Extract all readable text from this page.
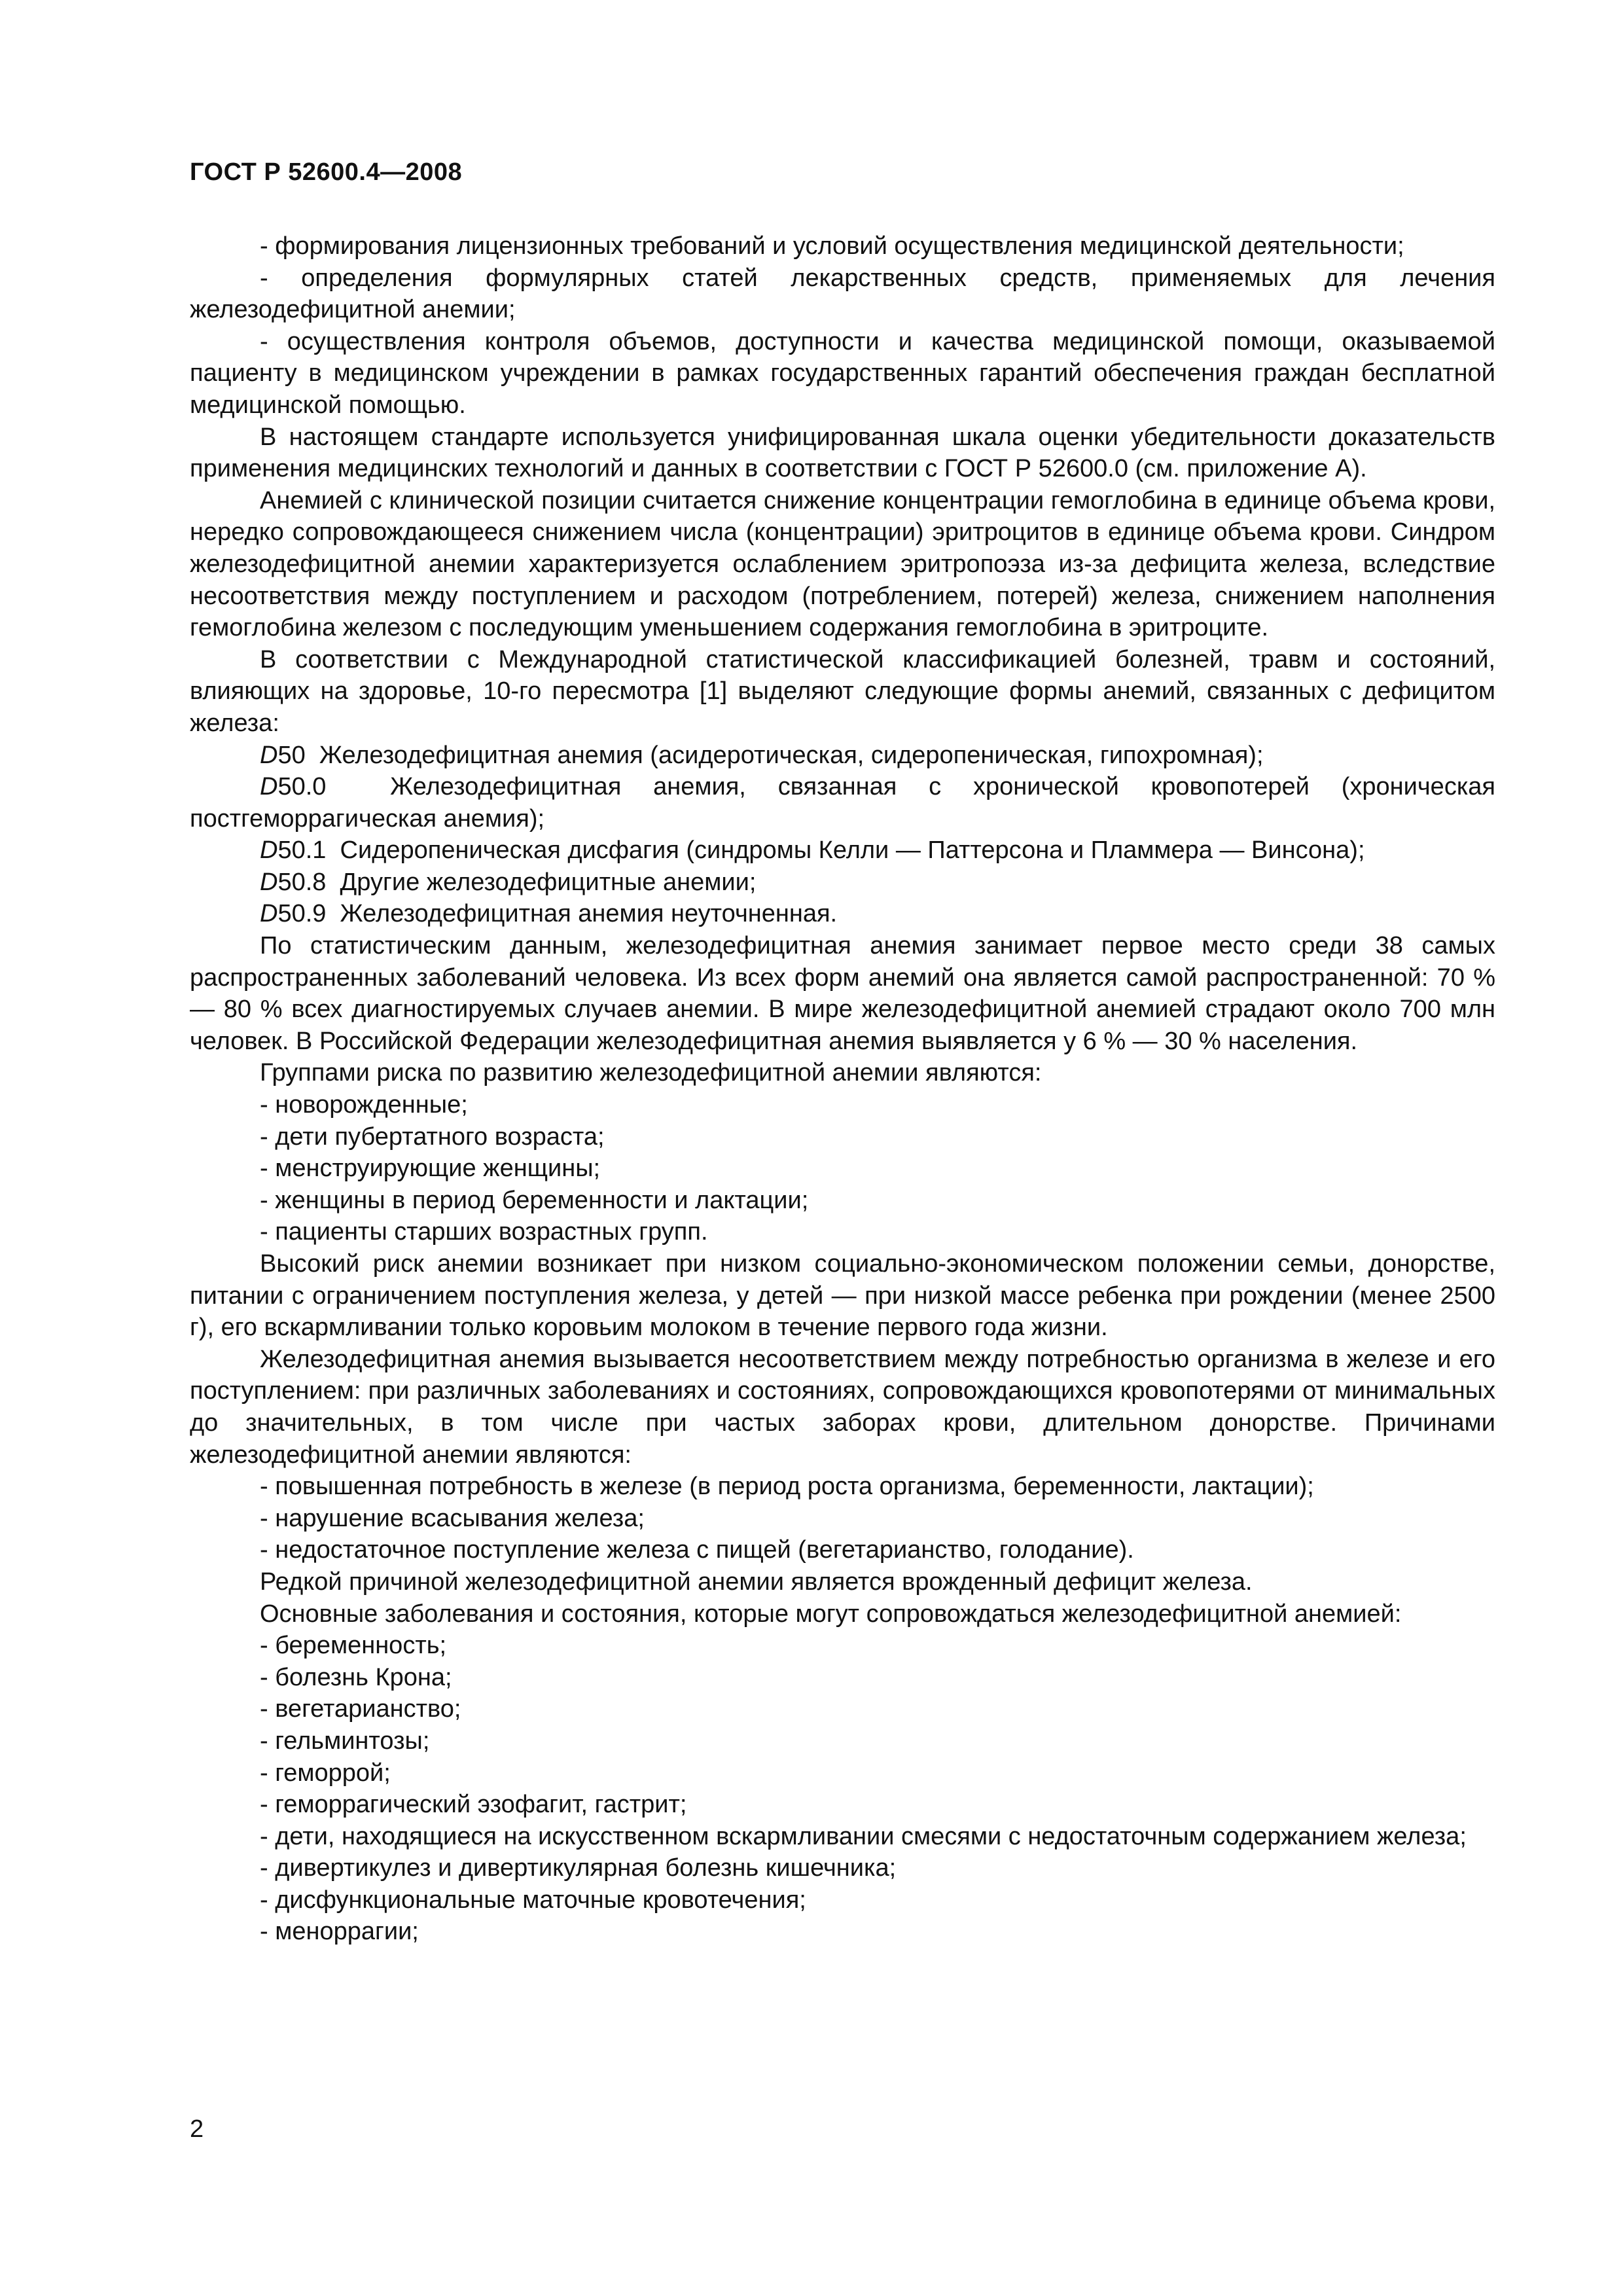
ГОСТ Р 52600.4—2008

- формирования лицензионных требований и условий осуществления медицинской деятельности;

- определения формулярных статей лекарственных средств, применяемых для лечения железодефицитной анемии;

- осуществления контроля объемов, доступности и качества медицинской помощи, оказываемой пациенту в медицинском учреждении в рамках государственных гарантий обеспечения граждан бесплатной медицинской помощью.

В настоящем стандарте используется унифицированная шкала оценки убедительности доказательств применения медицинских технологий и данных в соответствии с ГОСТ Р 52600.0 (см. приложение А).

Анемией с клинической позиции считается снижение концентрации гемоглобина в единице объема крови, нередко сопровождающееся снижением числа (концентрации) эритроцитов в единице объема крови. Синдром железодефицитной анемии характеризуется ослаблением эритропоэза из-за дефицита железа, вследствие несоответствия между поступлением и расходом (потреблением, потерей) железа, снижением наполнения гемоглобина железом с последующим уменьшением содержания гемоглобина в эритроците.

В соответствии с Международной статистической классификацией болезней, травм и состояний, влияющих на здоровье, 10-го пересмотра [1] выделяют следующие формы анемий, связанных с дефицитом железа:

D50  Железодефицитная анемия (асидеротическая, сидеропеническая, гипохромная);

D50.0  Железодефицитная анемия, связанная с хронической кровопотерей (хроническая постгеморрагическая анемия);

D50.1  Сидеропеническая дисфагия (синдромы Келли — Паттерсона и Пламмера — Винсона);

D50.8  Другие железодефицитные анемии;

D50.9  Железодефицитная анемия неуточненная.

По статистическим данным, железодефицитная анемия занимает первое место среди 38 самых распространенных заболеваний человека. Из всех форм анемий она является самой распространенной: 70 % — 80 % всех диагностируемых случаев анемии. В мире железодефицитной анемией страдают около 700 млн человек. В Российской Федерации железодефицитная анемия выявляется у 6 % — 30 % населения.

Группами риска по развитию железодефицитной анемии являются:

- новорожденные;

- дети пубертатного возраста;

- менструирующие женщины;

- женщины в период беременности и лактации;

- пациенты старших возрастных групп.

Высокий риск анемии возникает при низком социально-экономическом положении семьи, донорстве, питании с ограничением поступления железа, у детей — при низкой массе ребенка при рождении (менее 2500 г), его вскармливании только коровьим молоком в течение первого года жизни.

Железодефицитная анемия вызывается несоответствием между потребностью организма в железе и его поступлением: при различных заболеваниях и состояниях, сопровождающихся кровопотерями от минимальных до значительных, в том числе при частых заборах крови, длительном донорстве. Причинами железодефицитной анемии являются:

- повышенная потребность в железе (в период роста организма, беременности, лактации);

- нарушение всасывания железа;

- недостаточное поступление железа с пищей (вегетарианство, голодание).

Редкой причиной железодефицитной анемии является врожденный дефицит железа.

Основные заболевания и состояния, которые могут сопровождаться железодефицитной анемией:

- беременность;

- болезнь Крона;

- вегетарианство;

- гельминтозы;

- геморрой;

- геморрагический эзофагит, гастрит;

- дети, находящиеся на искусственном вскармливании смесями с недостаточным содержанием железа;

- дивертикулез и дивертикулярная болезнь кишечника;

- дисфункциональные маточные кровотечения;

- меноррагии;

2
